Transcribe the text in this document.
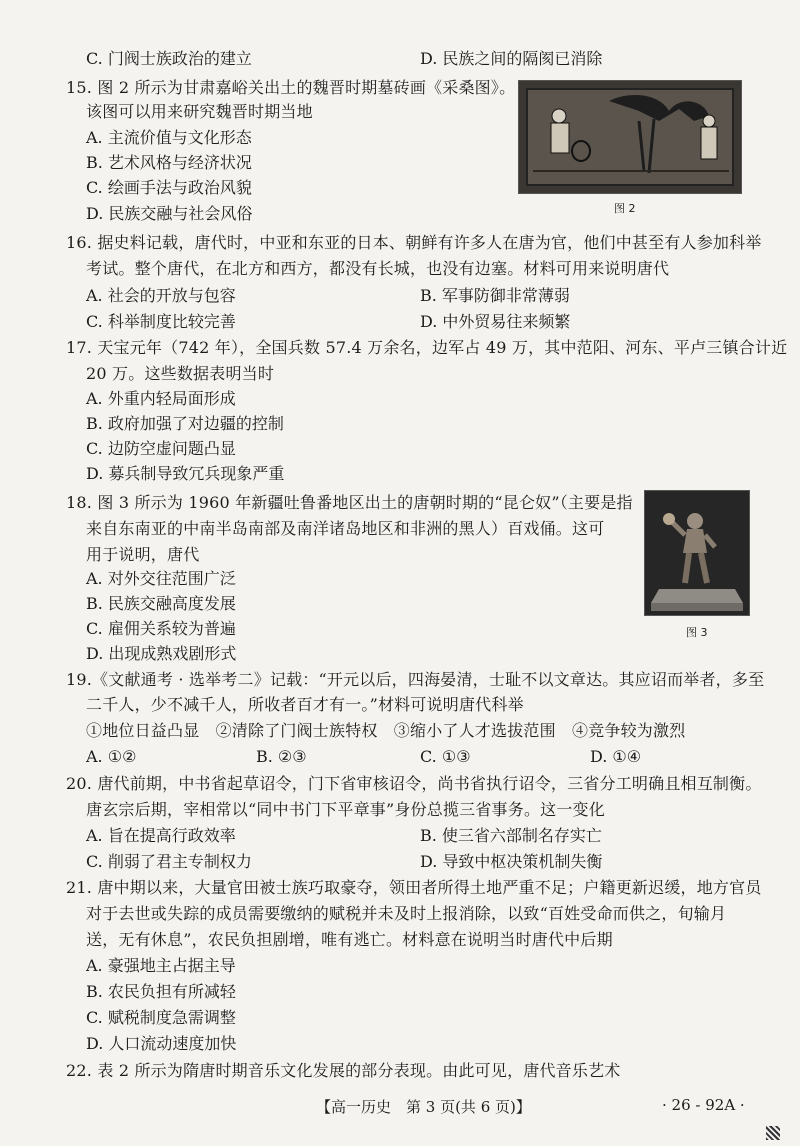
C. 门阀士族政治的建立	D. 民族之间的隔阂已消除
15. 图 2 所示为甘肃嘉峪关出土的魏晋时期墓砖画《采桑图》。
该图可以用来研究魏晋时期当地
A. 主流价值与文化形态
B. 艺术风格与经济状况
C. 绘画手法与政治风貌
D. 民族交融与社会风俗	图 2
16. 据史料记载，唐代时，中亚和东亚的日本、朝鲜有许多人在唐为官，他们中甚至有人参加科举
考试。整个唐代，在北方和西方，都没有长城，也没有边塞。材料可用来说明唐代
A. 社会的开放与包容	B. 军事防御非常薄弱
C. 科举制度比较完善	D. 中外贸易往来频繁
17. 天宝元年（742 年），全国兵数 57.4 万余名，边军占 49 万，其中范阳、河东、平卢三镇合计近
20 万。这些数据表明当时
A. 外重内轻局面形成
B. 政府加强了对边疆的控制
C. 边防空虚问题凸显
D. 募兵制导致冗兵现象严重
18. 图 3 所示为 1960 年新疆吐鲁番地区出土的唐朝时期的“昆仑奴”（主要是指
来自东南亚的中南半岛南部及南洋诸岛地区和非洲的黑人）百戏俑。这可
用于说明，唐代
A. 对外交往范围广泛
B. 民族交融高度发展
C. 雇佣关系较为普遍
D. 出现成熟戏剧形式
图 3
19.《文献通考 · 选举考二》记载：“开元以后，四海晏清，士耻不以文章达。其应诏而举者，多至
二千人，少不减千人，所收者百才有一。”材料可说明唐代科举
①地位日益凸显　②清除了门阀士族特权　③缩小了人才选拔范围　④竞争较为激烈
A. ①②	B. ②③	C. ①③	D. ①④
20. 唐代前期，中书省起草诏令，门下省审核诏令，尚书省执行诏令，三省分工明确且相互制衡。
唐玄宗后期，宰相常以“同中书门下平章事”身份总揽三省事务。这一变化
A. 旨在提高行政效率	B. 使三省六部制名存实亡
C. 削弱了君主专制权力	D. 导致中枢决策机制失衡
21. 唐中期以来，大量官田被士族巧取豪夺，领田者所得土地严重不足；户籍更新迟缓，地方官员
对于去世或失踪的成员需要缴纳的赋税并未及时上报消除，以致“百姓受命而供之，旬输月
送，无有休息”，农民负担剧增，唯有逃亡。材料意在说明当时唐代中后期
A. 豪强地主占据主导
B. 农民负担有所减轻
C. 赋税制度急需调整
D. 人口流动速度加快
22. 表 2 所示为隋唐时期音乐文化发展的部分表现。由此可见，唐代音乐艺术
【高一历史　第 3 页(共 6 页)】	· 26 - 92A ·
